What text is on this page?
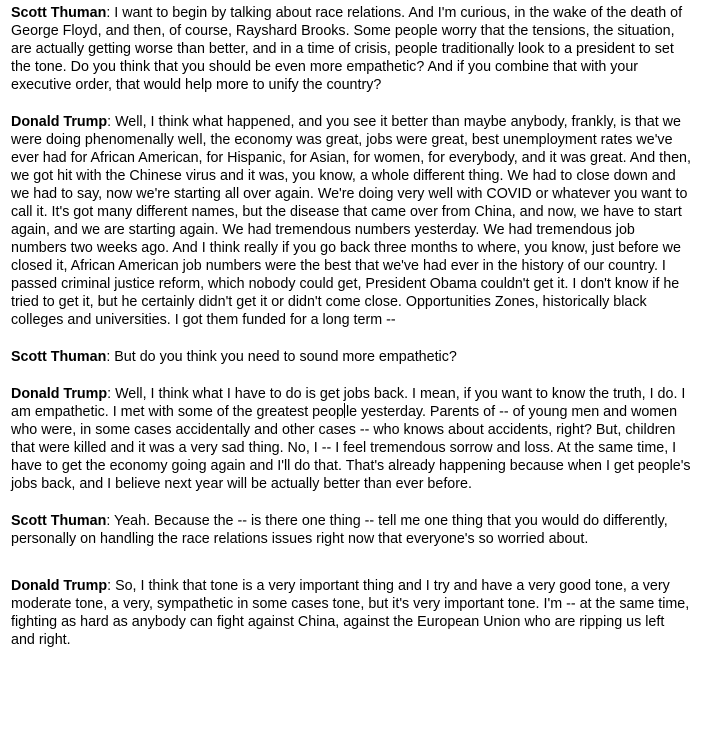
Scott Thuman: I want to begin by talking about race relations. And I'm curious, in the wake of the death of George Floyd, and then, of course, Rayshard Brooks. Some people worry that the tensions, the situation, are actually getting worse than better, and in a time of crisis, people traditionally look to a president to set the tone. Do you think that you should be even more empathetic? And if you combine that with your executive order, that would help more to unify the country?

Donald Trump: Well, I think what happened, and you see it better than maybe anybody, frankly, is that we were doing phenomenally well, the economy was great, jobs were great, best unemployment rates we've ever had for African American, for Hispanic, for Asian, for women, for everybody, and it was great. And then, we got hit with the Chinese virus and it was, you know, a whole different thing. We had to close down and we had to say, now we're starting all over again. We're doing very well with COVID or whatever you want to call it. It's got many different names, but the disease that came over from China, and now, we have to start again, and we are starting again. We had tremendous numbers yesterday. We had tremendous job numbers two weeks ago. And I think really if you go back three months to where, you know, just before we closed it, African American job numbers were the best that we've had ever in the history of our country. I passed criminal justice reform, which nobody could get, President Obama couldn't get it. I don't know if he tried to get it, but he certainly didn't get it or didn't come close. Opportunities Zones, historically black colleges and universities. I got them funded for a long term --

Scott Thuman: But do you think you need to sound more empathetic?

Donald Trump: Well, I think what I have to do is get jobs back. I mean, if you want to know the truth, I do. I am empathetic. I met with some of the greatest peop le yesterday. Parents of -- of young men and women who were, in some cases accidentally and other cases -- who knows about accidents, right? But, children that were killed and it was a very sad thing. No, I -- I feel tremendous sorrow and loss. At the same time, I have to get the economy going again and I'll do that. That's already happening because when I get people's jobs back, and I believe next year will be actually better than ever before.

Scott Thuman: Yeah. Because the -- is there one thing -- tell me one thing that you would do differently, personally on handling the race relations issues right now that everyone's so worried about.

Donald Trump: So, I think that tone is a very important thing and I try and have a very good tone, a very moderate tone, a very, sympathetic in some cases tone, but it's very important tone. I'm -- at the same time, fighting as hard as anybody can fight against China, against the European Union who are ripping us left and right.
